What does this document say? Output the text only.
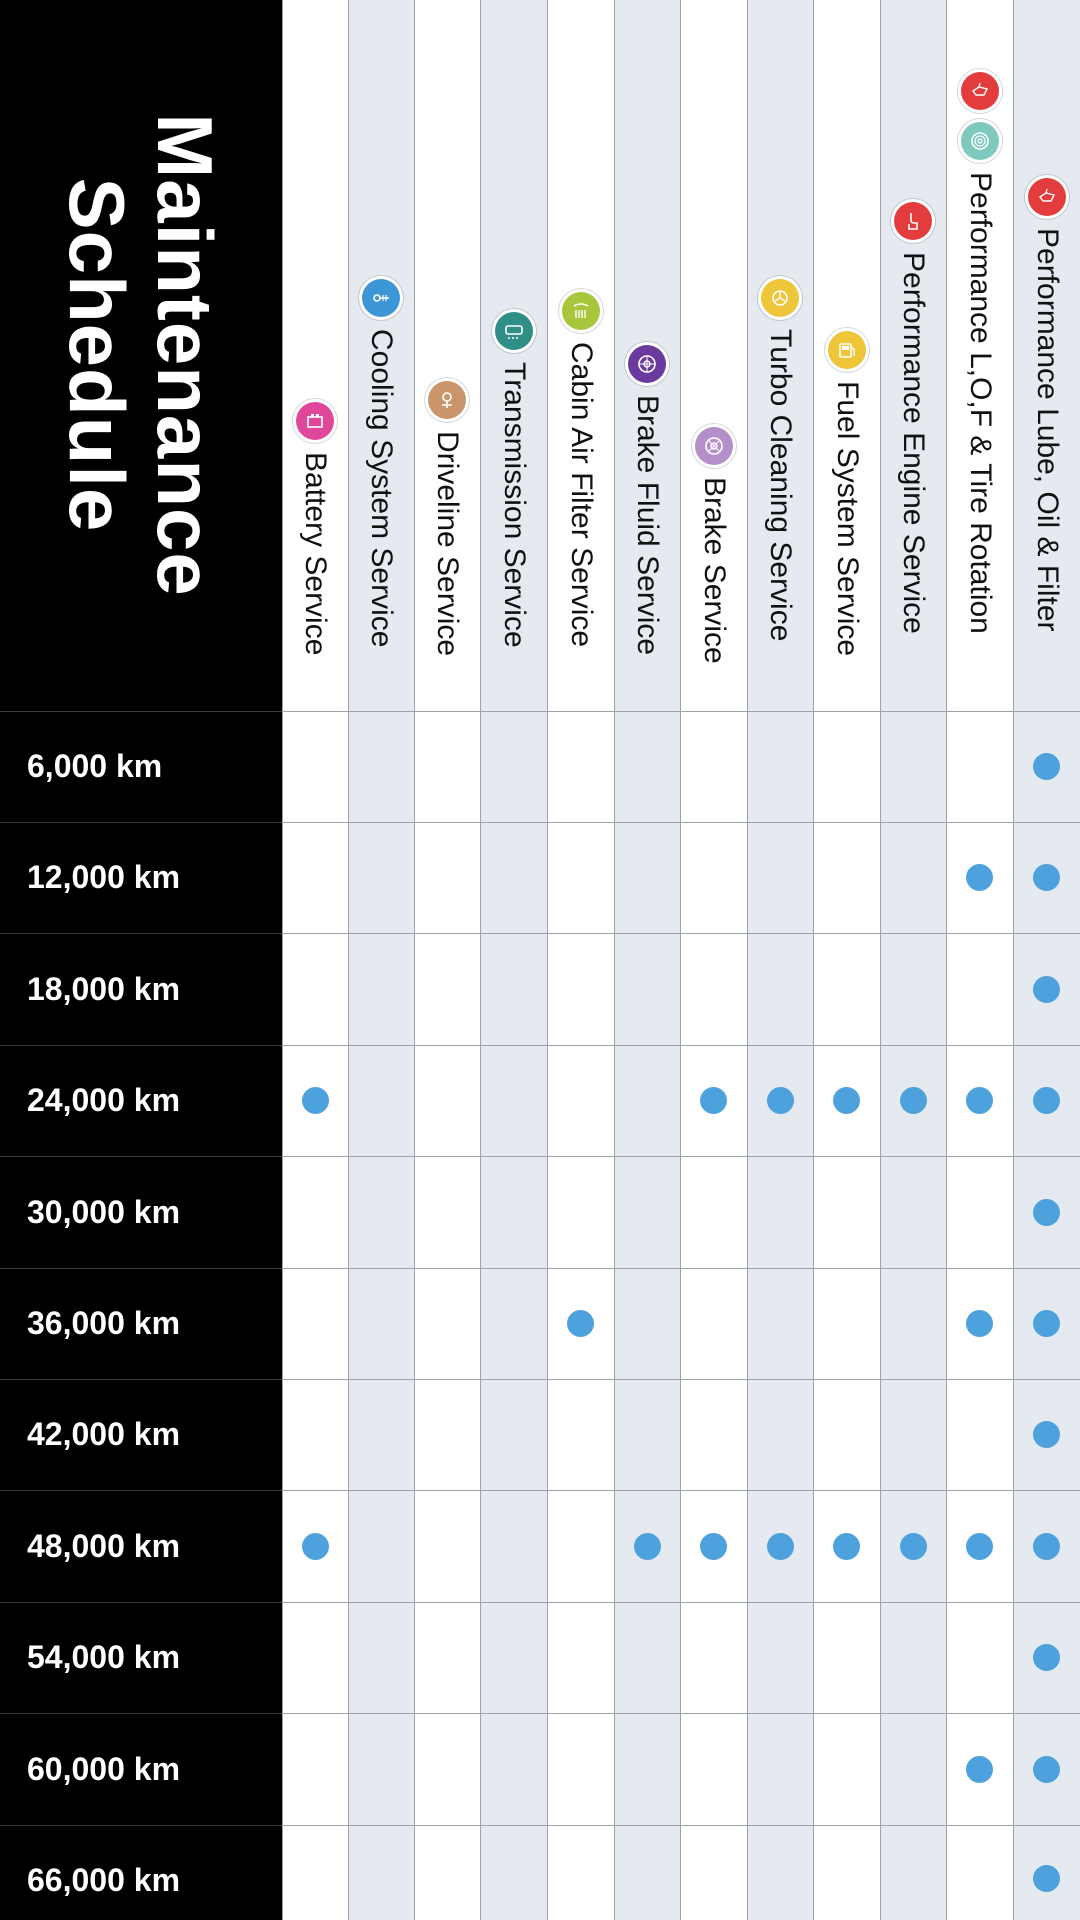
Maintenance
Schedule
6,000 km
12,000 km
18,000 km
24,000 km
30,000 km
36,000 km
42,000 km
48,000 km
54,000 km
60,000 km
66,000 km
Battery Service Cooling System Service Driveline Service Transmission Service Cabin Air Filter Service Brake Fluid Service Brake Service Turbo Cleaning Service Fuel System Service Performance Engine Service Performance L,O,F & Tire Rotation Performance Lube, Oil & Filter
